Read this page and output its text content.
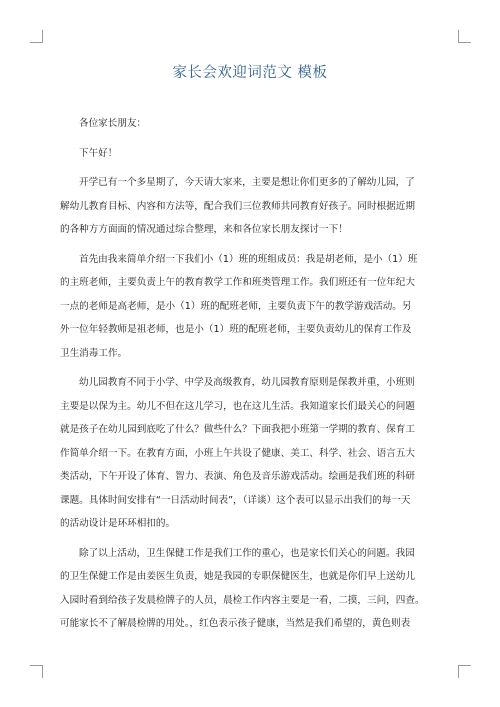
家长会欢迎词范文 模板

各位家长朋友：

下午好！

开学已有一个多星期了，今天请大家来，主要是想让你们更多的了解幼儿园，了
解幼儿教育目标、内容和方法等，配合我们三位教师共同教育好孩子。同时根据近期
的各种方方面面的情况通过综合整理，来和各位家长朋友探讨一下！

首先由我来简单介绍一下我们小（1）班的班组成员：我是胡老师，是小（1）班
的主班老师，主要负责上午的教育教学工作和班类管理工作。我们班还有一位年纪大
一点的老师是高老师，是小（1）班的配班老师，主要负责下午的教学游戏活动。另
外一位年轻教师是祖老师，也是小（1）班的配班老师，主要负责幼儿的保育工作及
卫生消毒工作。

幼儿园教育不同于小学、中学及高级教育，幼儿园教育原则是保教并重，小班则
主要是以保为主。幼儿不但在这儿学习，也在这儿生活。我知道家长们最关心的问题
就是孩子在幼儿园到底吃了什么？做些什么？下面我把小班第一学期的教育、保育工
作简单介绍一下。在教育方面，小班上午共设了健康、美工、科学、社会、语言五大
类活动，下午开设了体育、智力、表演、角色及音乐游戏活动。绘画是我们班的科研
课题。具体时间安排有“一日活动时间表”，（详谈）这个表可以显示出我们的每一天
的活动设计是环环相扣的。

除了以上活动，卫生保健工作是我们工作的重心，也是家长们关心的问题。我园
的卫生保健工作是由姜医生负责，她是我园的专职保健医生，也就是你们早上送幼儿
入园时看到给孩子发晨检牌子的人员，晨检工作内容主要是一看，二摸，三问，四查。
可能家长不了解晨检牌的用处。，红色表示孩子健康，当然是我们希望的，黄色则表
